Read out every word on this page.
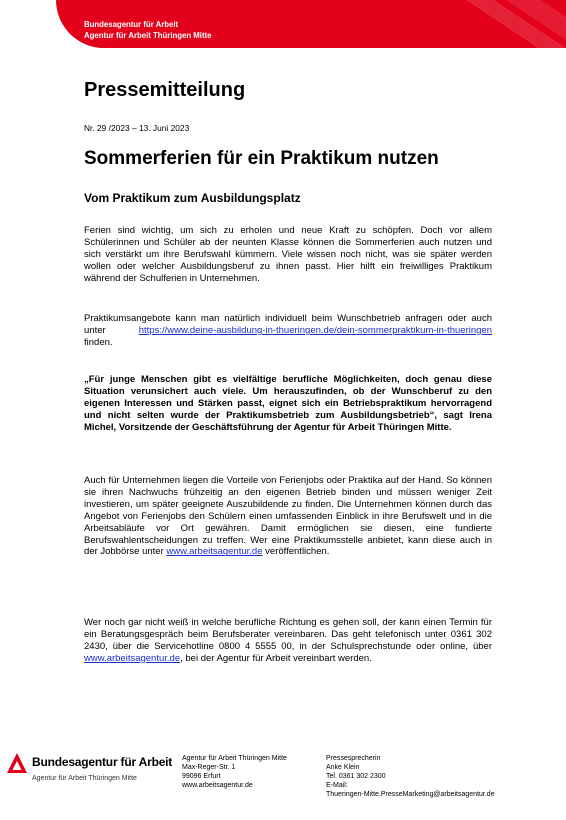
Bundesagentur für Arbeit
Agentur für Arbeit Thüringen Mitte
Pressemitteilung
Nr. 29 /2023 – 13. Juni 2023
Sommerferien für ein Praktikum nutzen
Vom Praktikum zum Ausbildungsplatz
Ferien sind wichtig, um sich zu erholen und neue Kraft zu schöpfen. Doch vor allem Schülerinnen und Schüler ab der neunten Klasse können die Sommerferien auch nutzen und sich verstärkt um ihre Berufswahl kümmern. Viele wissen noch nicht, was sie später werden wollen oder welcher Ausbildungsberuf zu ihnen passt. Hier hilft ein freiwilliges Praktikum während der Schulferien in Unternehmen.
Praktikumsangebote kann man natürlich individuell beim Wunschbetrieb anfragen oder auch unter https://www.deine-ausbildung-in-thueringen.de/dein-sommerpraktikum-in-thueringen finden.
„Für junge Menschen gibt es vielfältige berufliche Möglichkeiten, doch genau diese Situation verunsichert auch viele. Um herauszufinden, ob der Wunschberuf zu den eigenen Interessen und Stärken passt, eignet sich ein Betriebspraktikum hervorragend und nicht selten wurde der Praktikumsbetrieb zum Ausbildungsbetrieb“, sagt Irena Michel, Vorsitzende der Geschäftsführung der Agentur für Arbeit Thüringen Mitte.
Auch für Unternehmen liegen die Vorteile von Ferienjobs oder Praktika auf der Hand. So können sie ihren Nachwuchs frühzeitig an den eigenen Betrieb binden und müssen weniger Zeit investieren, um später geeignete Auszubildende zu finden. Die Unternehmen können durch das Angebot von Ferienjobs den Schülern einen umfassenden Einblick in ihre Berufswelt und in die Arbeitsabläufe vor Ort gewähren. Damit ermöglichen sie diesen, eine fundierte Berufswahlentscheidungen zu treffen. Wer eine Praktikumsstelle anbietet, kann diese auch in der Jobbörse unter www.arbeitsagentur.de veröffentlichen.
Wer noch gar nicht weiß in welche berufliche Richtung es gehen soll, der kann einen Termin für ein Beratungsgespräch beim Berufsberater vereinbaren. Das geht telefonisch unter 0361 302 2430, über die Servicehotline 0800 4 5555 00, in der Schulsprechstunde oder online, über www.arbeitsagentur.de, bei der Agentur für Arbeit vereinbart werden.
Bundesagentur für Arbeit
Agentur für Arbeit Thüringen Mitte
Agentur für Arbeit Thüringen Mitte
Max-Reger-Str. 1
99096 Erfurt
www.arbeitsagentur.de
Pressesprecherin
Anke Klein
Tel. 0361 302 2300
E-Mail:
Thueringen-Mitte.PresseMarketing@arbeitsagentur.de
